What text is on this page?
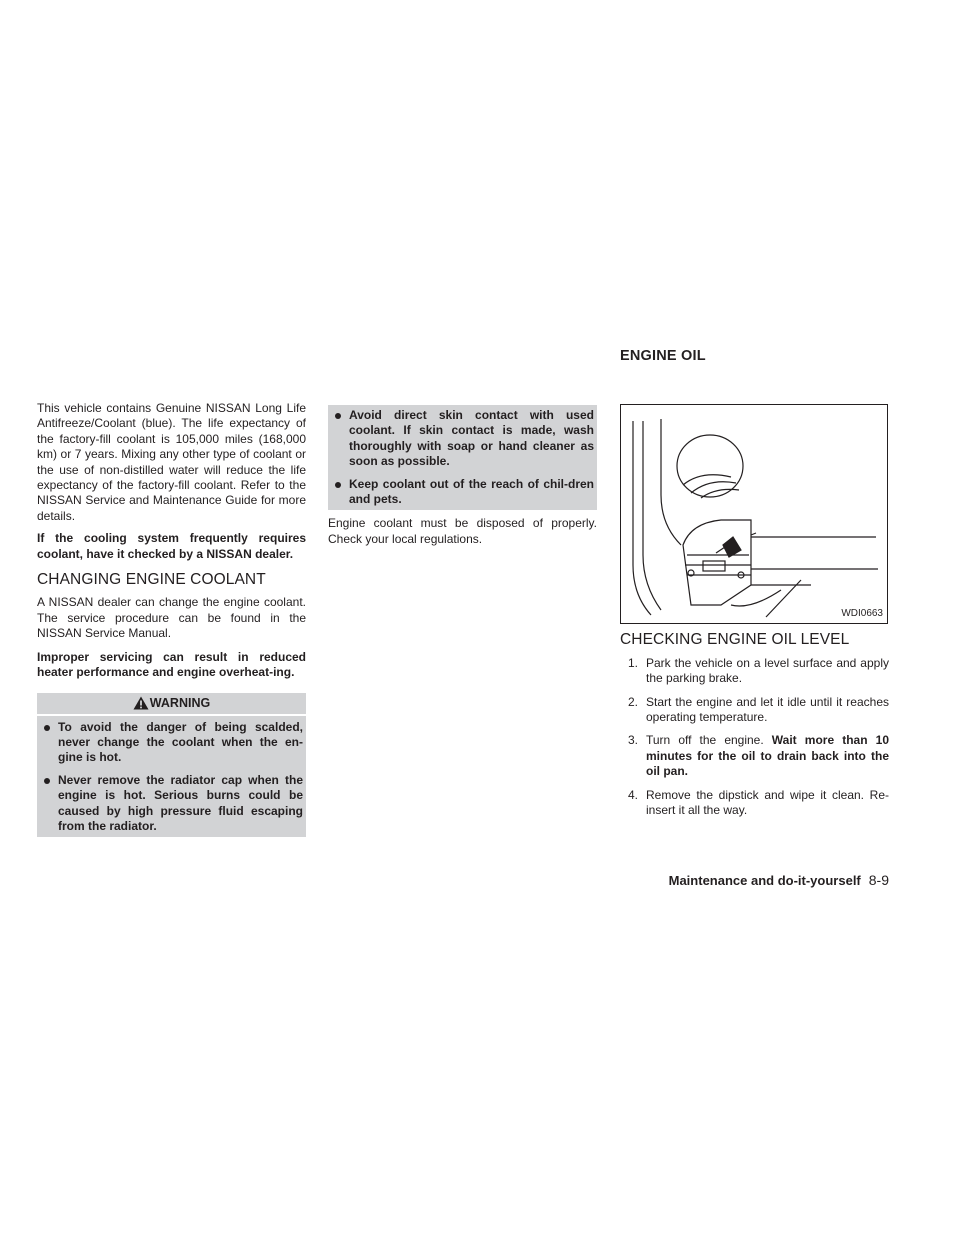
This vehicle contains Genuine NISSAN Long Life Antifreeze/Coolant (blue). The life expectancy of the factory-fill coolant is 105,000 miles (168,000 km) or 7 years. Mixing any other type of coolant or the use of non-distilled water will reduce the life expectancy of the factory-fill coolant. Refer to the NISSAN Service and Maintenance Guide for more details.

If the cooling system frequently requires coolant, have it checked by a NISSAN dealer.

CHANGING ENGINE COOLANT

A NISSAN dealer can change the engine coolant. The service procedure can be found in the NISSAN Service Manual.

Improper servicing can result in reduced heater performance and engine overheat-ing.

WARNING
To avoid the danger of being scalded, never change the coolant when the en-gine is hot.
Never remove the radiator cap when the engine is hot. Serious burns could be caused by high pressure fluid escaping from the radiator.
Avoid direct skin contact with used coolant. If skin contact is made, wash thoroughly with soap or hand cleaner as soon as possible.
Keep coolant out of the reach of chil-dren and pets.

Engine coolant must be disposed of properly. Check your local regulations.

ENGINE OIL
WDI0663
CHECKING ENGINE OIL LEVEL
1. Park the vehicle on a level surface and apply the parking brake.
2. Start the engine and let it idle until it reaches operating temperature.
3. Turn off the engine. Wait more than 10 minutes for the oil to drain back into the oil pan.
4. Remove the dipstick and wipe it clean. Re-insert it all the way.
Maintenance and do-it-yourself 8-9
